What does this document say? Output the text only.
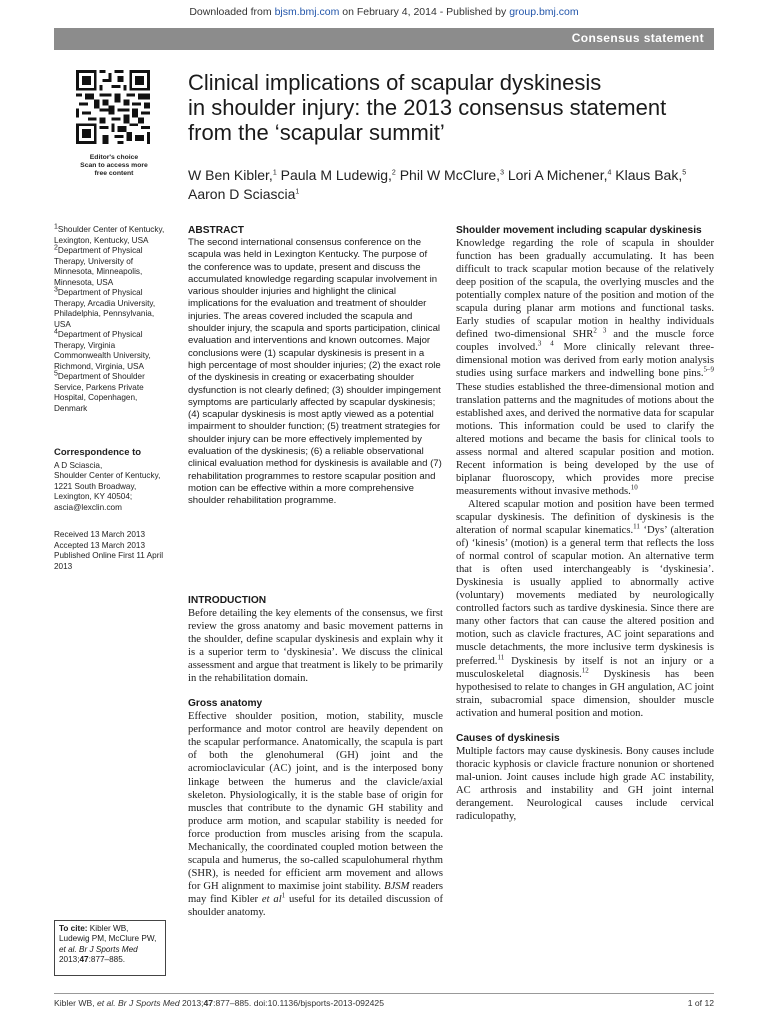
Downloaded from bjsm.bmj.com on February 4, 2014 - Published by group.bmj.com
Consensus statement
Editor's choice
Scan to access more
free content
Clinical implications of scapular dyskinesis
in shoulder injury: the 2013 consensus statement
from the ‘scapular summit’
W Ben Kibler,$^1$ Paula M Ludewig,$^2$ Phil W McClure,$^3$ Lori A Michener,$^4$ Klaus Bak,$^5$
Aaron D Sciascia$^1$

$^1$Shoulder Center of Kentucky, Lexington, Kentucky, USA

$^2$Department of Physical Therapy, University of Minnesota, Minneapolis, Minnesota, USA

$^3$Department of Physical Therapy, Arcadia University, Philadelphia, Pennsylvania, USA

$^4$Department of Physical Therapy, Virginia Commonwealth University, Richmond, Virginia, USA

$^5$Department of Shoulder Service, Parkens Private Hospital, Copenhagen, Denmark

Correspondence to

A D Sciascia,

Shoulder Center of Kentucky, 1221 South Broadway, Lexington, KY 40504; ascia@lexclin.com

Received 13 March 2013

Accepted 13 March 2013

Published Online First 11 April 2013

To cite: Kibler WB, Ludewig PM, McClure PW, et al. Br J Sports Med 2013;47:877–885.

ABSTRACT

The second international consensus conference on the scapula was held in Lexington Kentucky. The purpose of the conference was to update, present and discuss the accumulated knowledge regarding scapular involvement in various shoulder injuries and highlight the clinical implications for the evaluation and treatment of shoulder injuries. The areas covered included the scapula and shoulder injury, the scapula and sports participation, clinical evaluation and interventions and known outcomes. Major conclusions were (1) scapular dyskinesis is present in a high percentage of most shoulder injuries; (2) the exact role of the dyskinesis in creating or exacerbating shoulder dysfunction is not clearly defined; (3) shoulder impingement symptoms are particularly affected by scapular dyskinesis; (4) scapular dyskinesis is most aptly viewed as a potential impairment to shoulder function; (5) treatment strategies for shoulder injury can be more effectively implemented by evaluation of the dyskinesis; (6) a reliable observational clinical evaluation method for dyskinesis is available and (7) rehabilitation programmes to restore scapular position and motion can be effective within a more comprehensive shoulder rehabilitation programme.

INTRODUCTION

Before detailing the key elements of the consensus, we first review the gross anatomy and basic movement patterns in the shoulder, define scapular dyskinesis and explain why it is a superior term to ‘dyskinesia’. We discuss the clinical assessment and argue that treatment is likely to be primarily in the rehabilitation domain.

Gross anatomy

Effective shoulder position, motion, stability, muscle performance and motor control are heavily dependent on the scapular performance. Anatomically, the scapula is part of both the glenohumeral (GH) joint and the acromioclavicular (AC) joint, and is the interposed bony linkage between the humerus and the clavicle/axial skeleton. Physiologically, it is the stable base of origin for muscles that contribute to the dynamic GH stability and produce arm motion, and scapular stability is needed for force production from muscles arising from the scapula. Mechanically, the coordinated coupled motion between the scapula and humerus, the so-called scapulohumeral rhythm (SHR), is needed for efficient arm movement and allows for GH alignment to maximise joint stability. BJSM readers may find Kibler et $al^1$ useful for its detailed discussion of shoulder anatomy.

Shoulder movement including scapular dyskinesis

Knowledge regarding the role of scapula in shoulder function has been gradually accumulating. It has been difficult to track scapular motion because of the relatively deep position of the scapula, the overlying muscles and the potentially complex nature of the position and motion of the scapula during planar arm motions and functional tasks. Early studies of scapular motion in healthy individuals defined two-dimensional $SHR^{2 3}$ and the muscle force couples involved.$^{3 4}$ More clinically relevant three-dimensional motion was derived from early motion analysis studies using surface markers and indwelling bone pins.$^{5-9}$ These studies established the three-dimensional motion and translation patterns and the magnitudes of motions about the established axes, and derived the normative data for scapular motions. This information could be used to clarify the altered motions and became the basis for clinical tools to assess normal and altered scapular position and motion. Recent information is being developed by the use of biplanar fluoroscopy, which provides more precise measurements without invasive methods.$^{10}$

Altered scapular motion and position have been termed scapular dyskinesis. The definition of dyskinesis is the alteration of normal scapular kinematics.$^{11}$ ‘Dys’ (alteration of) ‘kinesis’ (motion) is a general term that reflects the loss of normal control of scapular motion. An alternative term that is often used interchangeably is ‘dyskinesia’. Dyskinesia is usually applied to abnormally active (voluntary) movements mediated by neurologically controlled factors such as tardive dyskinesia. Since there are many other factors that can cause the altered position and motion, such as clavicle fractures, AC joint separations and muscle detachments, the more inclusive term dyskinesis is preferred.$^{11}$ Dyskinesis by itself is not an injury or a musculoskeletal diagnosis.$^{12}$ Dyskinesis has been hypothesised to relate to changes in GH angulation, AC joint strain, subacromial space dimension, shoulder muscle activation and humeral position and motion.

Causes of dyskinesis

Multiple factors may cause dyskinesis. Bony causes include thoracic kyphosis or clavicle fracture nonunion or shortened mal-union. Joint causes include high grade AC instability, AC arthrosis and instability and GH joint internal derangement. Neurological causes include cervical radiculopathy,

Kibler WB, et al. Br J Sports Med 2013;47:877–885. doi:10.1136/bjsports-2013-092425	1 of 12
